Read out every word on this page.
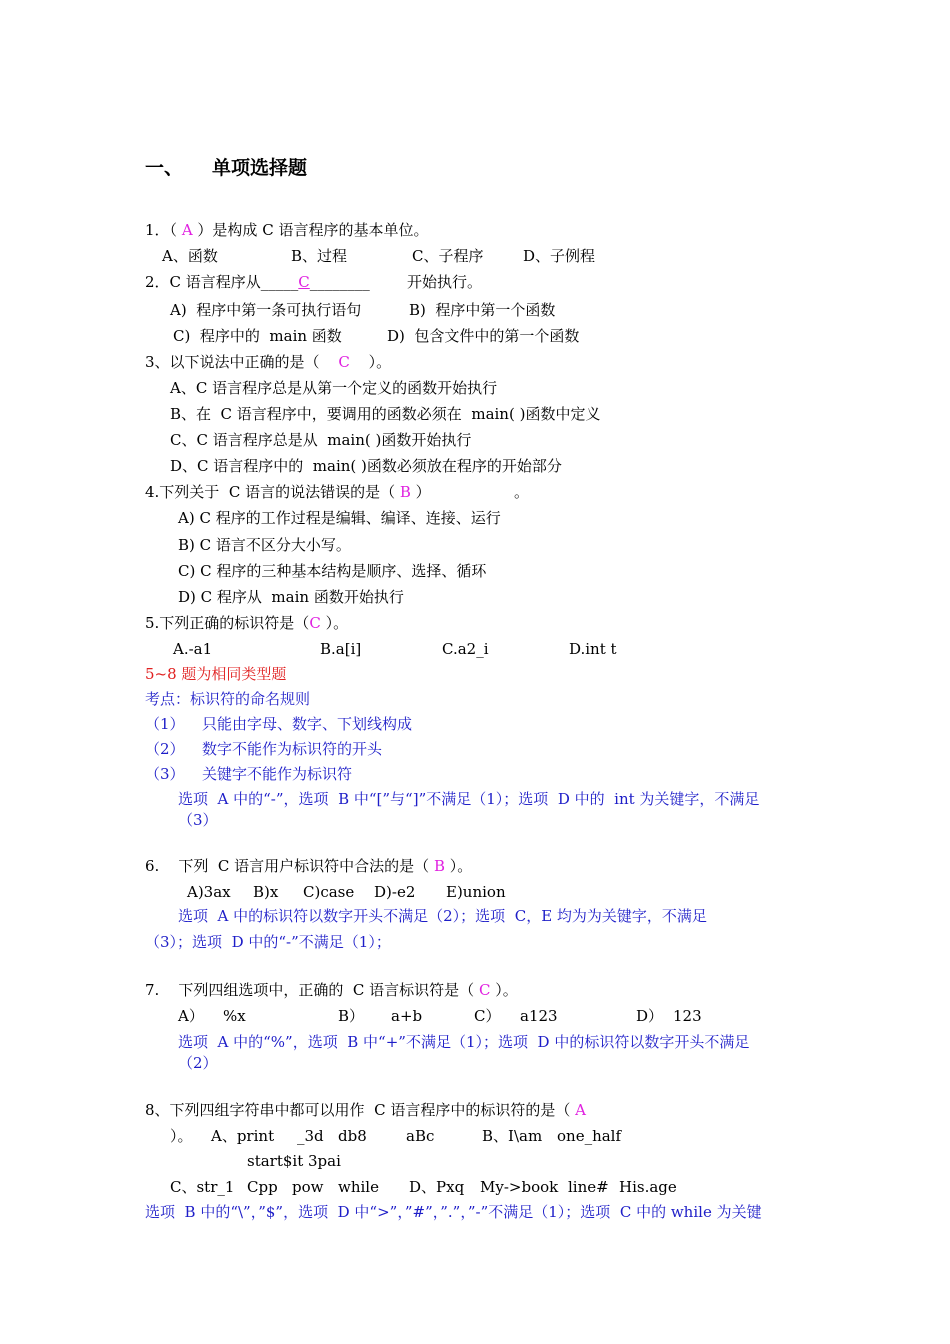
一、 单项选择题
1．（ A ）是构成 C 语言程序的基本单位。
A、函数	B、过程	C、子程序	D、子例程
2．C 语言程序从_____C________ 开始执行。
A)  程序中第一条可执行语句	B)  程序中第一个函数
C)  程序中的  main 函数	D)  包含文件中的第一个函数
3、以下说法中正确的是（ C ）。
A、C 语言程序总是从第一个定义的函数开始执行
B、在  C 语言程序中，要调用的函数必须在  main( )函数中定义
C、C 语言程序总是从  main( )函数开始执行
D、C 语言程序中的  main( )函数必须放在程序的开始部分
4.下列关于  C 语言的说法错误的是（ B ）	。
A) C 程序的工作过程是编辑、编译、连接、运行
B) C 语言不区分大小写。
C) C 程序的三种基本结构是顺序、选择、循环
D) C 程序从  main 函数开始执行
5.下列正确的标识符是（C ）。
A.-a1	B.a[i]	C.a2_i	D.int t
5~8 题为相同类型题
考点：标识符的命名规则
（1） 只能由字母、数字、下划线构成
（2） 数字不能作为标识符的开头
（3） 关键字不能作为标识符
选项  A 中的“-”，选项  B 中“[”与“]”不满足（1）；选项  D 中的  int 为关键字，不满足
（3）
6.    下列  C 语言用户标识符中合法的是（ B ）。
A)3ax B)x C)case D)-e2 E)union
选项  A 中的标识符以数字开头不满足（2）；选项  C，E 均为为关键字，不满足
（3）；选项  D 中的“-”不满足（1）；
7.    下列四组选项中，正确的  C 语言标识符是（ C ）。
A） %x	B） a+b	C） a123	D） 123
选项  A 中的“%”，选项  B 中“+”不满足（1）；选项  D 中的标识符以数字开头不满足
（2）
8、下列四组字符串中都可以用作  C 语言程序中的标识符的是（ A
）。 A、print _3d db8	aBc	B、I\am one_half
start$it 3pai
C、str_1 Cpp pow while D、Pxq My->book line# His.age
选项  B 中的“\”，”$”，选项  D 中“>”，”#”，”.”，”-”不满足（1）；选项  C 中的 while 为关键
